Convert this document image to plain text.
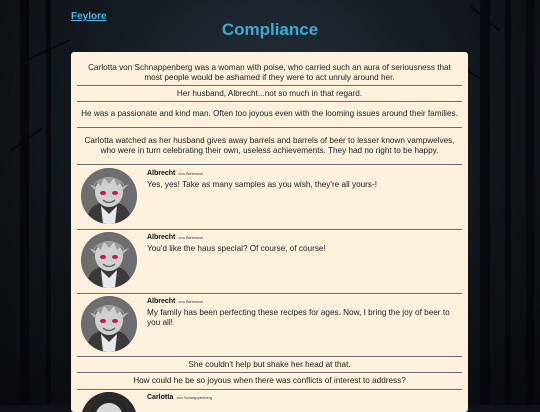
Feylore
Compliance
Carlotta von Schnappenberg was a woman with poise, who carried such an aura of seriousness that most people would be ashamed if they were to act unruly around her.
Her husband, Albrecht...not so much in that regard.
He was a passionate and kind man. Often too joyous even with the looming issues around their families.
Carlotta watched as her husband gives away barrels and barrels of beer to lesser known vampwelves, who were in turn celebrating their own, useless achievements. They had no right to be happy.
Albrecht von Biermann
Yes, yes! Take as many samples as you wish, they're all yours-!
Albrecht von Biermann
You'd like the haus special? Of course, of course!
Albrecht von Biermann
My family has been perfecting these recipes for ages. Now, I bring the joy of beer to you all!
She couldn't help but shake her head at that.
How could he be so joyous when there was conflicts of interest to address?
Carlotta von Schnappenberg
